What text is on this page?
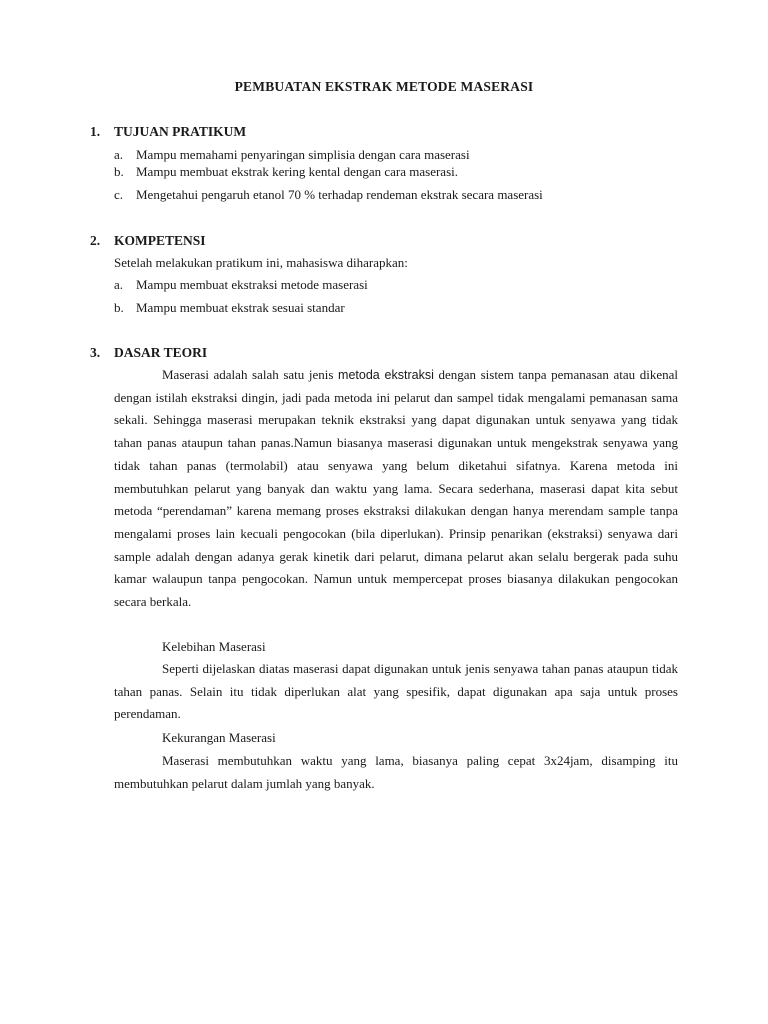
PEMBUATAN EKSTRAK METODE MASERASI
1. TUJUAN PRATIKUM
a. Mampu memahami penyaringan simplisia dengan cara maserasi
b. Mampu membuat ekstrak kering kental dengan cara maserasi.
c. Mengetahui pengaruh etanol 70 % terhadap rendeman ekstrak secara maserasi
2. KOMPETENSI
Setelah melakukan pratikum ini, mahasiswa diharapkan:
a. Mampu membuat ekstraksi metode maserasi
b. Mampu membuat ekstrak sesuai standar
3. DASAR TEORI

Maserasi adalah salah satu jenis metoda ekstraksi dengan sistem tanpa pemanasan atau dikenal dengan istilah ekstraksi dingin, jadi pada metoda ini pelarut dan sampel tidak mengalami pemanasan sama sekali. Sehingga maserasi merupakan teknik ekstraksi yang dapat digunakan untuk senyawa yang tidak tahan panas ataupun tahan panas.Namun biasanya maserasi digunakan untuk mengekstrak senyawa yang tidak tahan panas (termolabil) atau senyawa yang belum diketahui sifatnya. Karena metoda ini membutuhkan pelarut yang banyak dan waktu yang lama. Secara sederhana, maserasi dapat kita sebut metoda “perendaman” karena memang proses ekstraksi dilakukan dengan hanya merendam sample tanpa mengalami proses lain kecuali pengocokan (bila diperlukan). Prinsip penarikan (ekstraksi) senyawa dari sample adalah dengan adanya gerak kinetik dari pelarut, dimana pelarut akan selalu bergerak pada suhu kamar walaupun tanpa pengocokan. Namun untuk mempercepat proses biasanya dilakukan pengocokan secara berkala.

Kelebihan Maserasi

Seperti dijelaskan diatas maserasi dapat digunakan untuk jenis senyawa tahan panas ataupun tidak tahan panas. Selain itu tidak diperlukan alat yang spesifik, dapat digunakan apa saja untuk proses perendaman.

Kekurangan Maserasi

Maserasi membutuhkan waktu yang lama, biasanya paling cepat 3x24jam, disamping itu membutuhkan pelarut dalam jumlah yang banyak.
